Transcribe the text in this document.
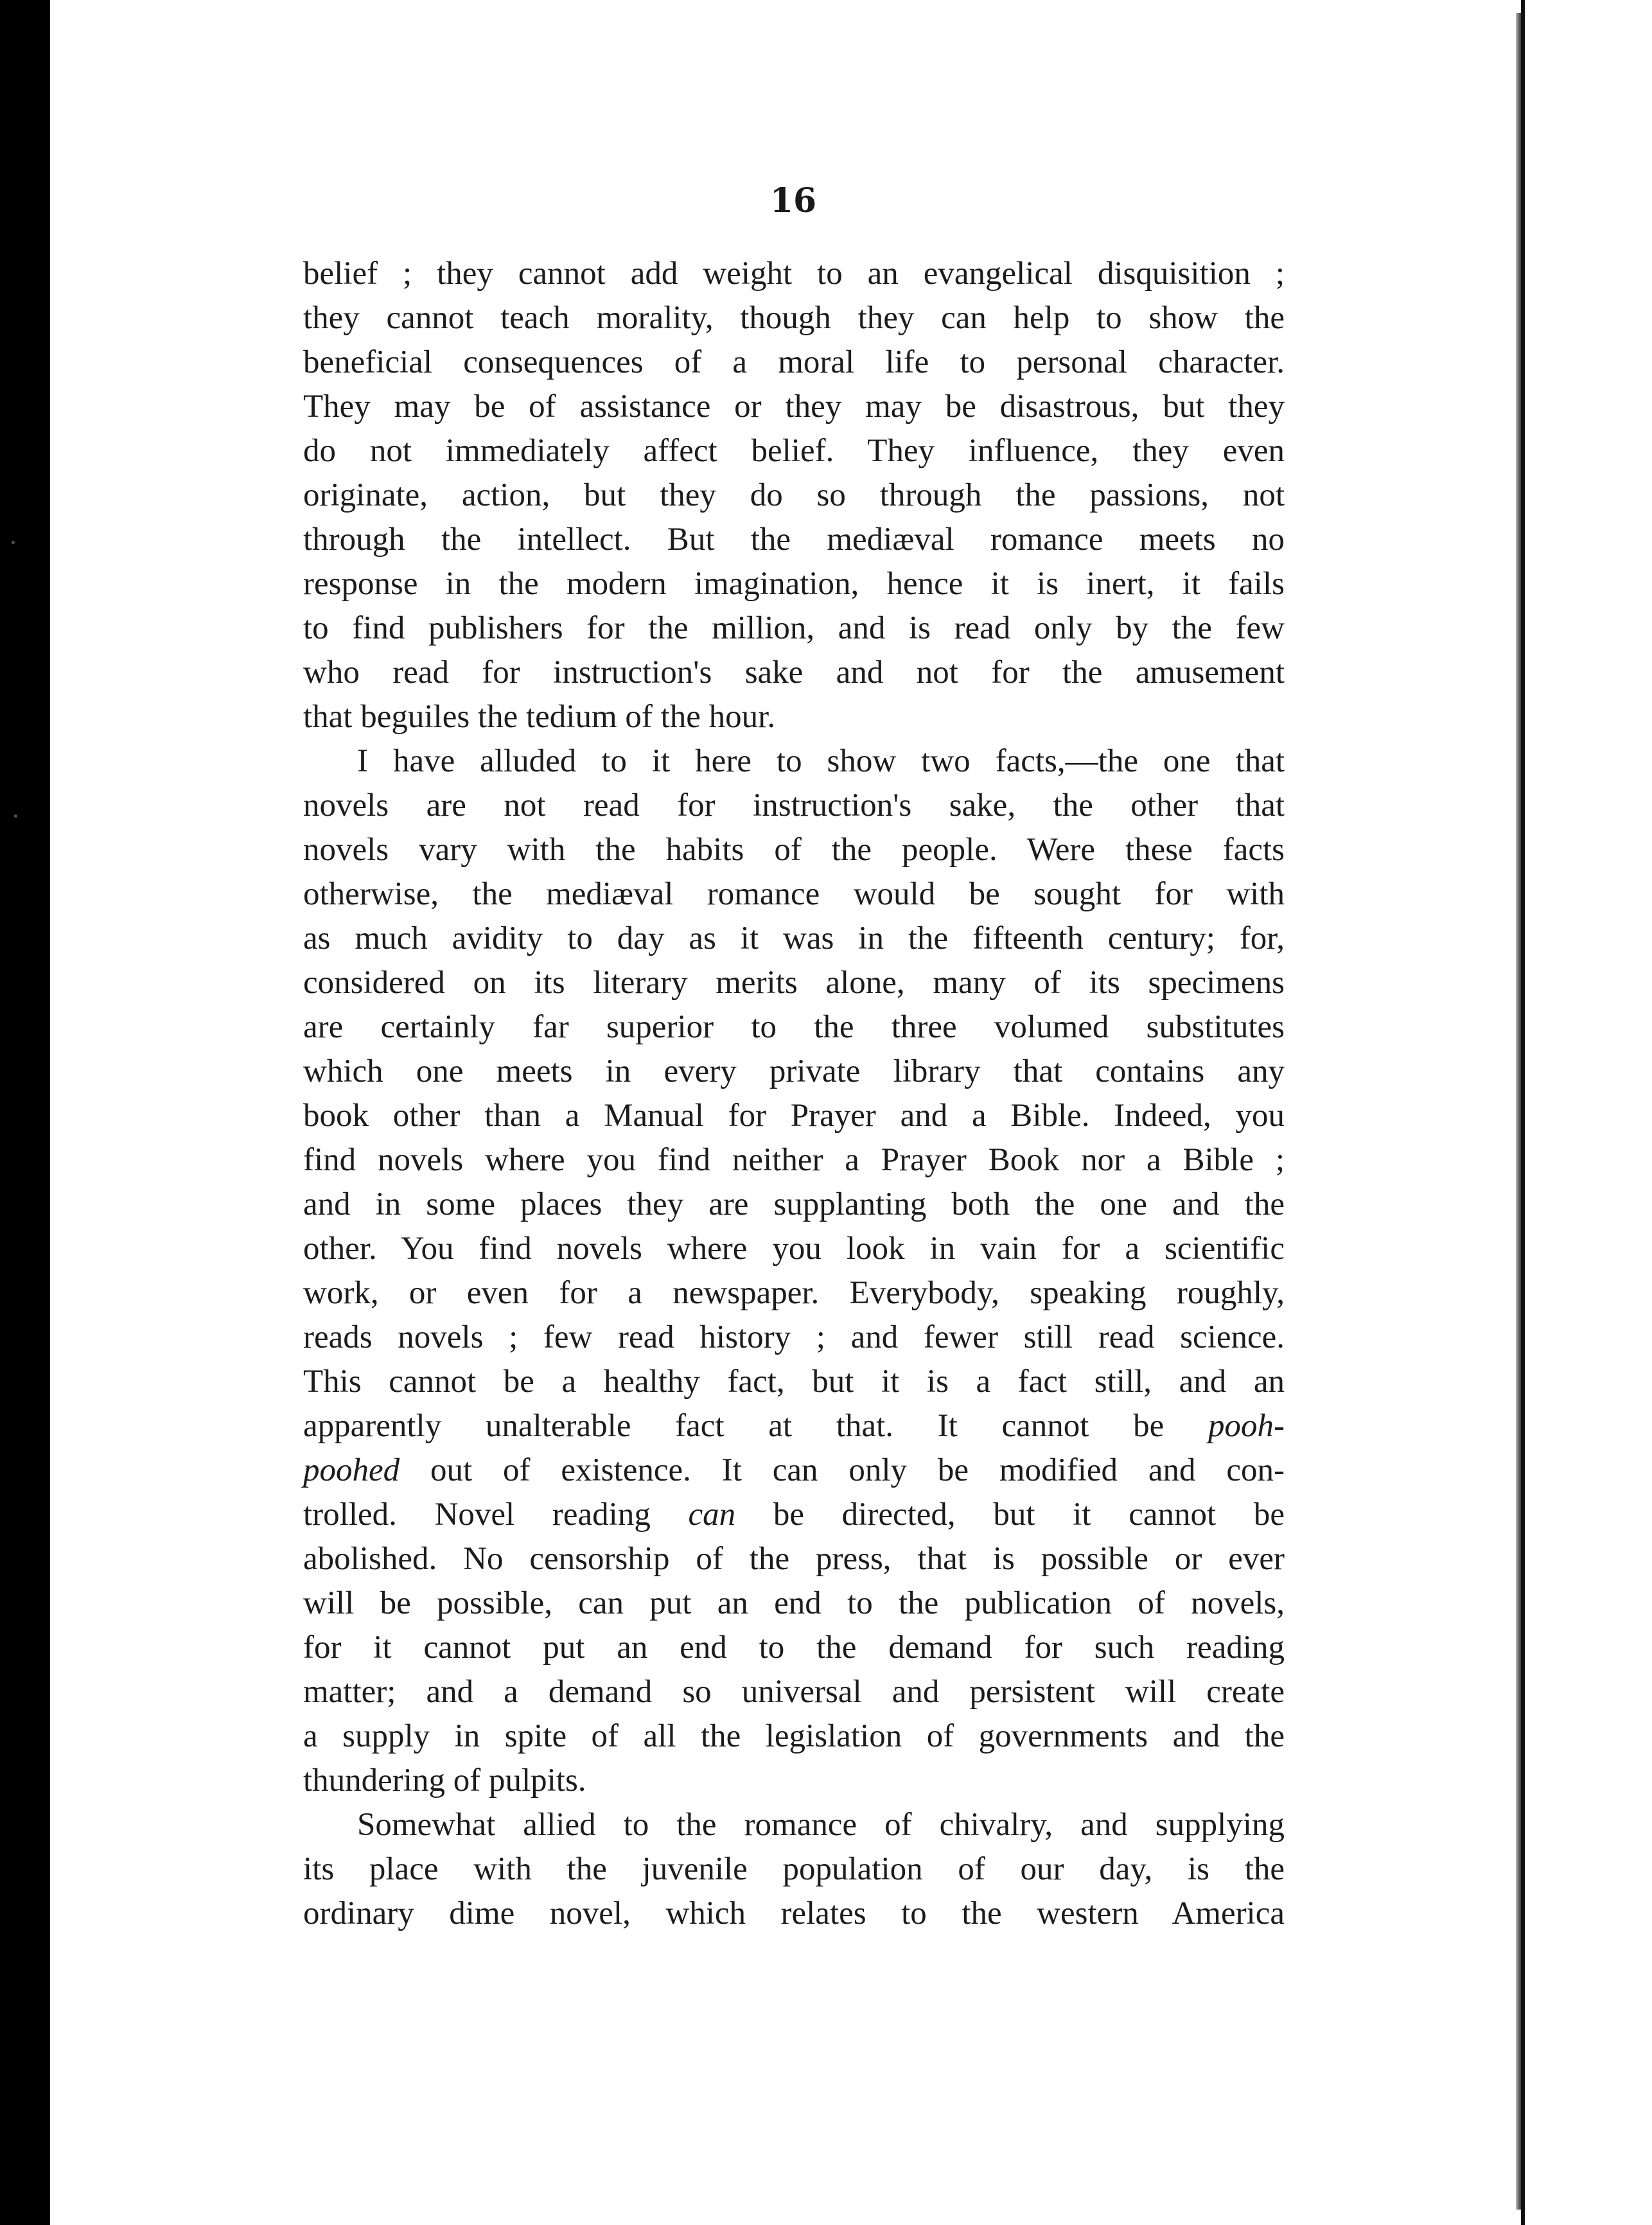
16
belief ; they cannot add weight to an evangelical disquisition ;
they cannot teach morality, though they can help to show the
beneficial consequences of a moral life to personal character.
They may be of assistance or they may be disastrous, but they
do not immediately affect belief. They influence, they even
originate, action, but they do so through the passions, not
through the intellect. But the mediæval romance meets no
response in the modern imagination, hence it is inert, it fails
to find publishers for the million, and is read only by the few
who read for instruction's sake and not for the amusement
that beguiles the tedium of the hour.
I have alluded to it here to show two facts,—the one that
novels are not read for instruction's sake, the other that
novels vary with the habits of the people. Were these facts
otherwise, the mediæval romance would be sought for with
as much avidity to day as it was in the fifteenth century; for,
considered on its literary merits alone, many of its specimens
are certainly far superior to the three volumed substitutes
which one meets in every private library that contains any
book other than a Manual for Prayer and a Bible. Indeed, you
find novels where you find neither a Prayer Book nor a Bible ;
and in some places they are supplanting both the one and the
other. You find novels where you look in vain for a scientific
work, or even for a newspaper. Everybody, speaking roughly,
reads novels ; few read history ; and fewer still read science.
This cannot be a healthy fact, but it is a fact still, and an
apparently unalterable fact at that. It cannot be pooh-
poohed out of existence. It can only be modified and con-
trolled. Novel reading can be directed, but it cannot be
abolished. No censorship of the press, that is possible or ever
will be possible, can put an end to the publication of novels,
for it cannot put an end to the demand for such reading
matter; and a demand so universal and persistent will create
a supply in spite of all the legislation of governments and the
thundering of pulpits.
Somewhat allied to the romance of chivalry, and supplying
its place with the juvenile population of our day, is the
ordinary dime novel, which relates to the western America
